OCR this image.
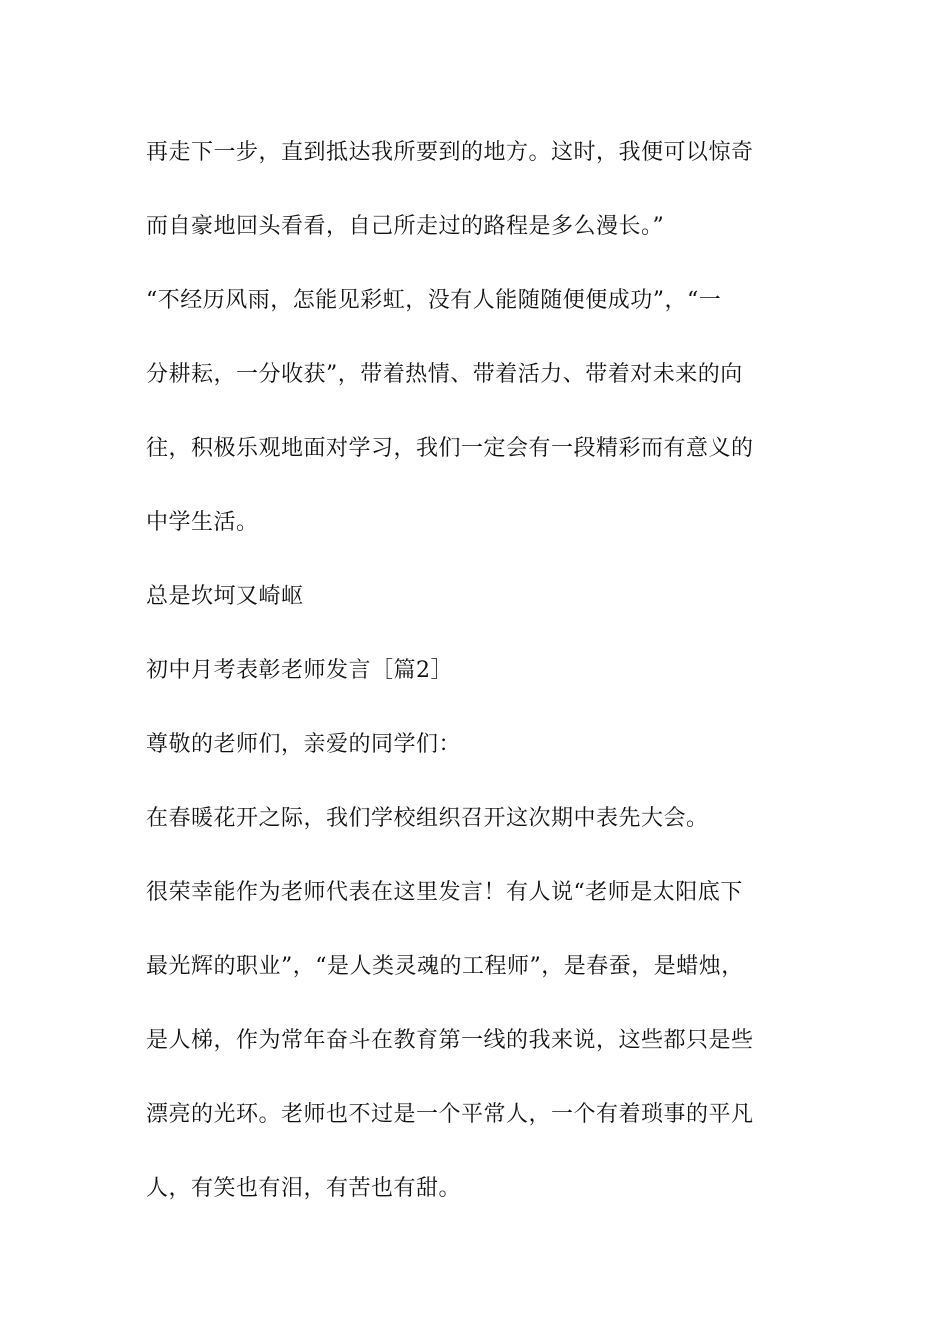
再走下一步，直到抵达我所要到的地方。这时，我便可以惊奇
而自豪地回头看看，自己所走过的路程是多么漫长。”
“不经历风雨，怎能见彩虹，没有人能随随便便成功”，“一
分耕耘，一分收获”，带着热情、带着活力、带着对未来的向
往，积极乐观地面对学习，我们一定会有一段精彩而有意义的
中学生活。
总是坎坷又崎岖
初中月考表彰老师发言［篇2］
尊敬的老师们，亲爱的同学们：
在春暖花开之际，我们学校组织召开这次期中表先大会。
很荣幸能作为老师代表在这里发言！有人说“老师是太阳底下
最光辉的职业”，“是人类灵魂的工程师”，是春蚕，是蜡烛，
是人梯，作为常年奋斗在教育第一线的我来说，这些都只是些
漂亮的光环。老师也不过是一个平常人，一个有着琐事的平凡
人，有笑也有泪，有苦也有甜。
